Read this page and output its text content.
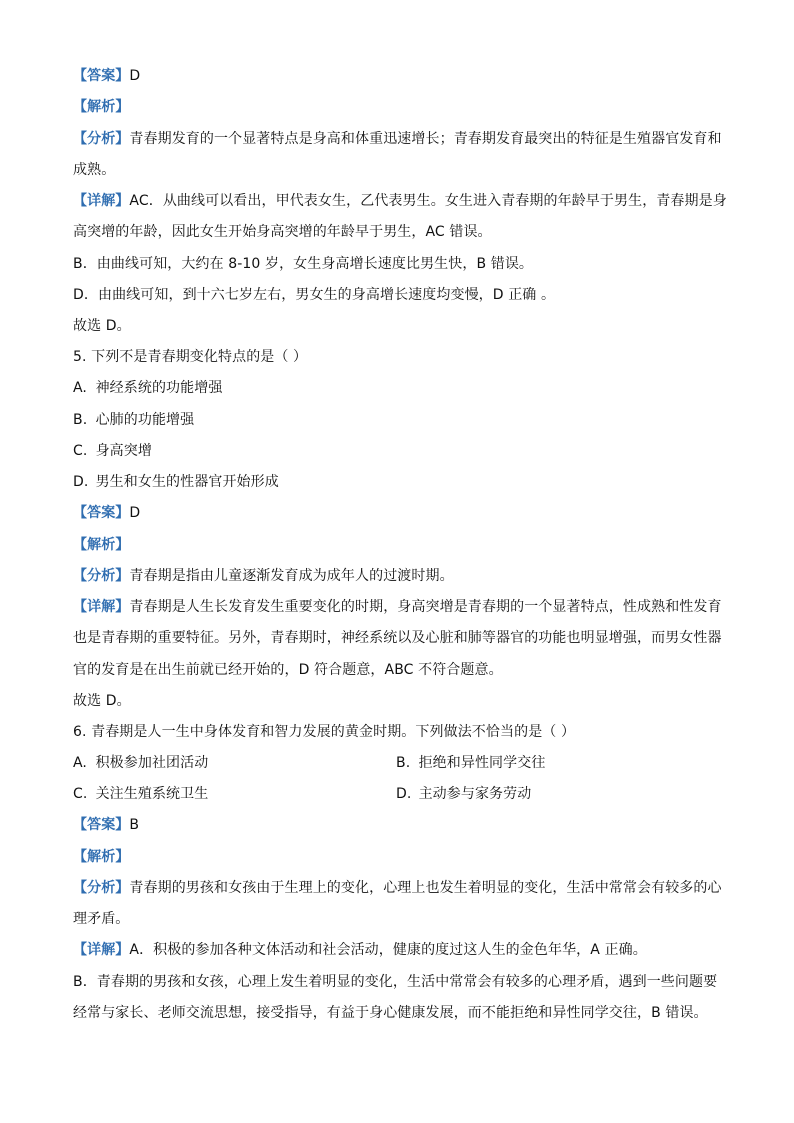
【答案】D
【解析】
【分析】青春期发育的一个显著特点是身高和体重迅速增长；青春期发育最突出的特征是生殖器官发育和
成熟。
【详解】AC．从曲线可以看出，甲代表女生，乙代表男生。女生进入青春期的年龄早于男生，青春期是身
高突增的年龄，因此女生开始身高突增的年龄早于男生，AC 错误。
B．由曲线可知，大约在 8-10 岁，女生身高增长速度比男生快，B 错误。
D．由曲线可知，到十六七岁左右，男女生的身高增长速度均变慢，D 正确 。
故选 D。
5. 下列不是青春期变化特点的是（ ）
A. 神经系统的功能增强
B. 心肺的功能增强
C. 身高突增
D. 男生和女生的性器官开始形成
【答案】D
【解析】
【分析】青春期是指由儿童逐渐发育成为成年人的过渡时期。
【详解】青春期是人生长发育发生重要变化的时期，身高突增是青春期的一个显著特点，性成熟和性发育
也是青春期的重要特征。另外，青春期时，神经系统以及心脏和肺等器官的功能也明显增强，而男女性器
官的发育是在出生前就已经开始的，D 符合题意，ABC 不符合题意。
故选 D。
6. 青春期是人一生中身体发育和智力发展的黄金时期。下列做法不恰当的是（ ）
A. 积极参加社团活动	B. 拒绝和异性同学交往
C. 关注生殖系统卫生	D. 主动参与家务劳动
【答案】B
【解析】
【分析】青春期的男孩和女孩由于生理上的变化，心理上也发生着明显的变化，生活中常常会有较多的心
理矛盾。
【详解】A．积极的参加各种文体活动和社会活动，健康的度过这人生的金色年华，A 正确。
B．青春期的男孩和女孩，心理上发生着明显的变化，生活中常常会有较多的心理矛盾，遇到一些问题要
经常与家长、老师交流思想，接受指导，有益于身心健康发展，而不能拒绝和异性同学交往，B 错误。
